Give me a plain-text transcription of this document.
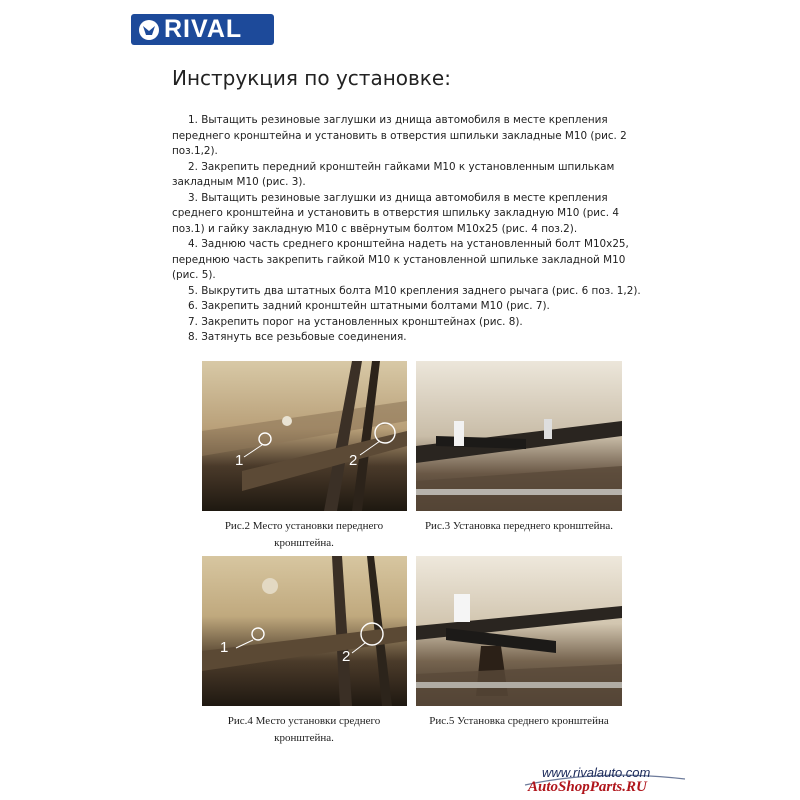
RIVAL
Инструкция по установке:

1. Вытащить резиновые заглушки из днища автомобиля в месте крепления переднего кронштейна и установить в отверстия шпильки закладные M10 (рис. 2 поз.1,2).

2. Закрепить передний кронштейн гайками M10 к установленным шпилькам закладным M10 (рис. 3).

3. Вытащить резиновые заглушки из днища автомобиля в месте крепления среднего кронштейна и установить в отверстия шпильку закладную M10 (рис. 4 поз.1) и гайку закладную M10 с ввёрнутым болтом M10x25 (рис. 4 поз.2).

4. Заднюю часть среднего кронштейна надеть на установленный болт M10x25, переднюю часть закрепить гайкой M10 к установленной шпильке закладной M10 (рис. 5).

5. Выкрутить два штатных болта M10 крепления заднего рычага (рис. 6 поз. 1,2).

6. Закрепить задний кронштейн штатными болтами M10 (рис. 7).

7. Закрепить порог на установленных кронштейнах (рис. 8).

8. Затянуть все резьбовые соединения.

1	2
Рис.2 Место установки переднего кронштейна.
Рис.3 Установка переднего кронштейна.
1
2
Рис.4 Место установки среднего кронштейна.
Рис.5 Установка среднего кронштейна
www.rivalauto.com
AutoShopParts.RU
